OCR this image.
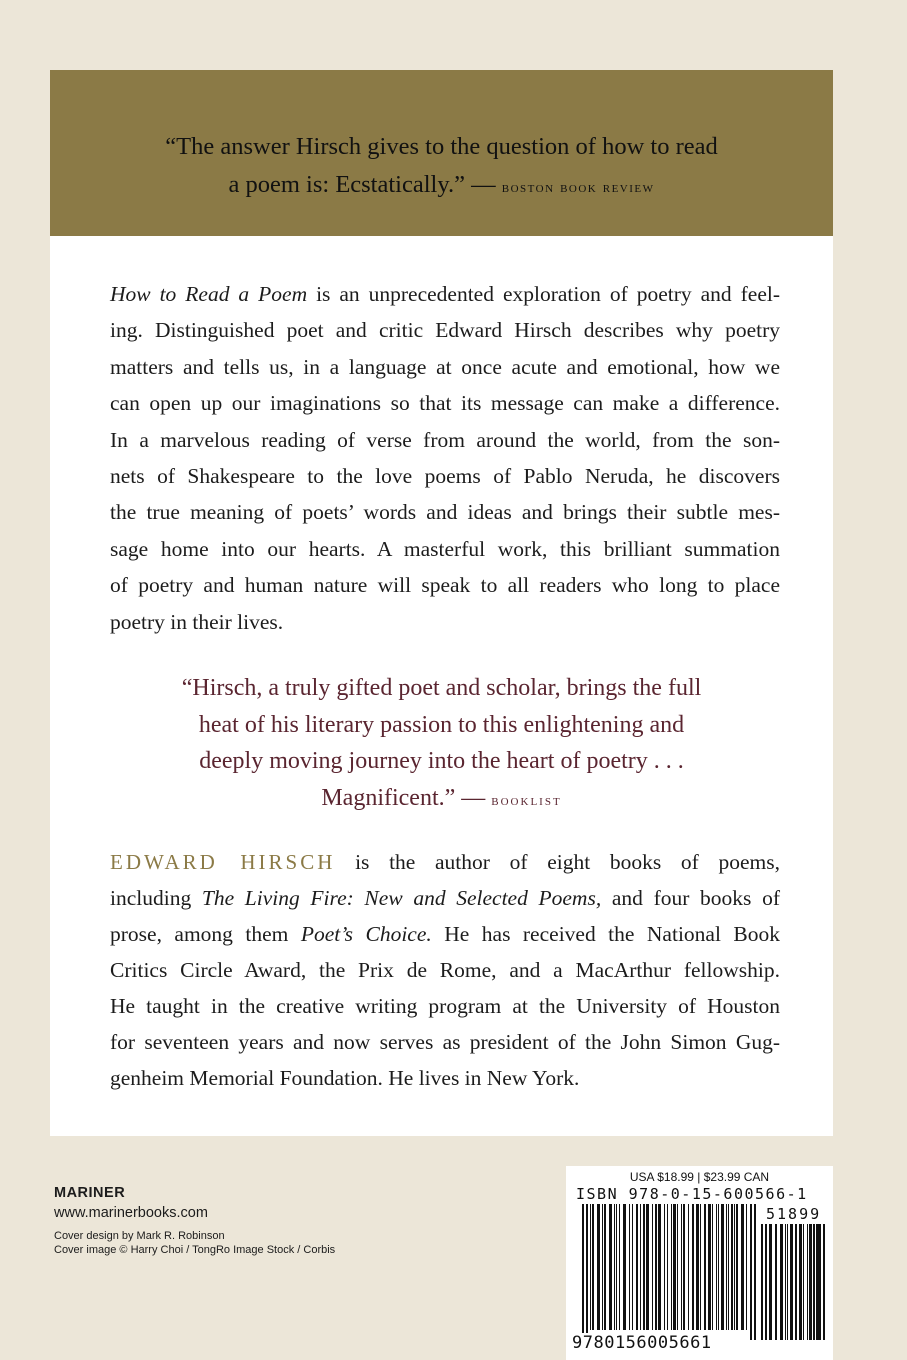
“The answer Hirsch gives to the question of how to read
a poem is: Ecstatically.” — boston book review
How to Read a Poem is an unprecedented exploration of poetry and feel-
ing. Distinguished poet and critic Edward Hirsch describes why poetry
matters and tells us, in a language at once acute and emotional, how we
can open up our imaginations so that its message can make a difference.
In a marvelous reading of verse from around the world, from the son-
nets of Shakespeare to the love poems of Pablo Neruda, he discovers
the true meaning of poets’ words and ideas and brings their subtle mes-
sage home into our hearts. A masterful work, this brilliant summation
of poetry and human nature will speak to all readers who long to place
poetry in their lives.
“Hirsch, a truly gifted poet and scholar, brings the full
heat of his literary passion to this enlightening and
deeply moving journey into the heart of poetry . . .
Magnificent.” — booklist
EDWARD HIRSCH is the author of eight books of poems,
including The Living Fire: New and Selected Poems, and four books of
prose, among them Poet’s Choice. He has received the National Book
Critics Circle Award, the Prix de Rome, and a MacArthur fellowship.
He taught in the creative writing program at the University of Houston
for seventeen years and now serves as president of the John Simon Gug-
genheim Memorial Foundation. He lives in New York.
MARINER
www.marinerbooks.com
Cover design by Mark R. Robinson
Cover image © Harry Choi / TongRo Image Stock / Corbis
USA $18.99 | $23.99 CAN
ISBN 978-0-15-600566-1
51899
9780156005661
